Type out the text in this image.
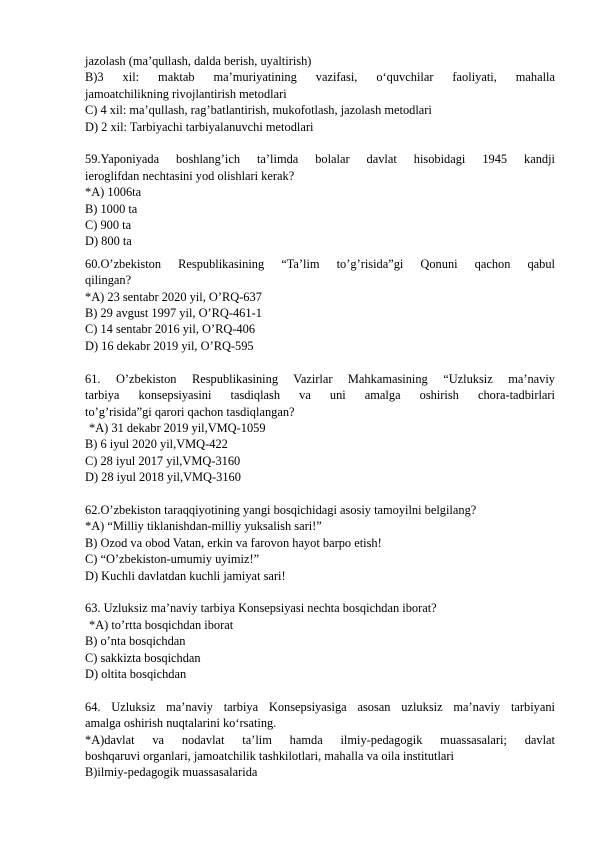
jazolash (ma’qullash, dalda berish, uyaltirish)
B)3 xil: maktab ma’muriyatining vazifasi, o‘quvchilar faoliyati, mahalla
jamoatchilikning rivojlantirish metodlari
C) 4 xil: ma’qullash, rag’batlantirish, mukofotlash, jazolash metodlari
D) 2 xil: Tarbiyachi tarbiyalanuvchi metodlari
59.Yaponiyada boshlang’ich ta’limda bolalar davlat hisobidagi 1945 kandji
ieroglifdan nechtasini yod olishlari kerak?
*A) 1006ta
B) 1000 ta
C) 900 ta
D) 800 ta
60.O’zbekiston Respublikasining “Ta’lim to’g’risida”gi Qonuni qachon qabul
qilingan?
*A) 23 sentabr 2020 yil, O’RQ-637
B) 29 avgust 1997 yil, O’RQ-461-1
C) 14 sentabr 2016 yil, O’RQ-406
D) 16 dekabr 2019 yil, O’RQ-595
61. O’zbekiston Respublikasining Vazirlar Mahkamasining “Uzluksiz ma’naviy
tarbiya konsepsiyasini tasdiqlash va uni amalga oshirish chora-tadbirlari
to’g’risida”gi qarori qachon tasdiqlangan?
*A) 31 dekabr 2019 yil,VMQ-1059
B) 6 iyul 2020 yil,VMQ-422
C) 28 iyul 2017 yil,VMQ-3160
D) 28 iyul 2018 yil,VMQ-3160
62.O’zbekiston taraqqiyotining yangi bosqichidagi asosiy tamoyilni belgilang?
*A) “Milliy tiklanishdan-milliy yuksalish sari!”
B) Ozod va obod Vatan, erkin va farovon hayot barpo etish!
C) “O’zbekiston-umumiy uyimiz!”
D) Kuchli davlatdan kuchli jamiyat sari!
63. Uzluksiz ma’naviy tarbiya Konsepsiyasi nechta bosqichdan iborat?
*A) to’rtta bosqichdan iborat
B) o’nta bosqichdan
C) sakkizta bosqichdan
D) oltita bosqichdan
64. Uzluksiz ma’naviy tarbiya Konsepsiyasiga asosan uzluksiz ma’naviy tarbiyani
amalga oshirish nuqtalarini ko‘rsating.
*A)davlat va nodavlat ta’lim hamda ilmiy-pedagogik muassasalari; davlat
boshqaruvi organlari, jamoatchilik tashkilotlari, mahalla va oila institutlari
B)ilmiy-pedagogik muassasalarida
